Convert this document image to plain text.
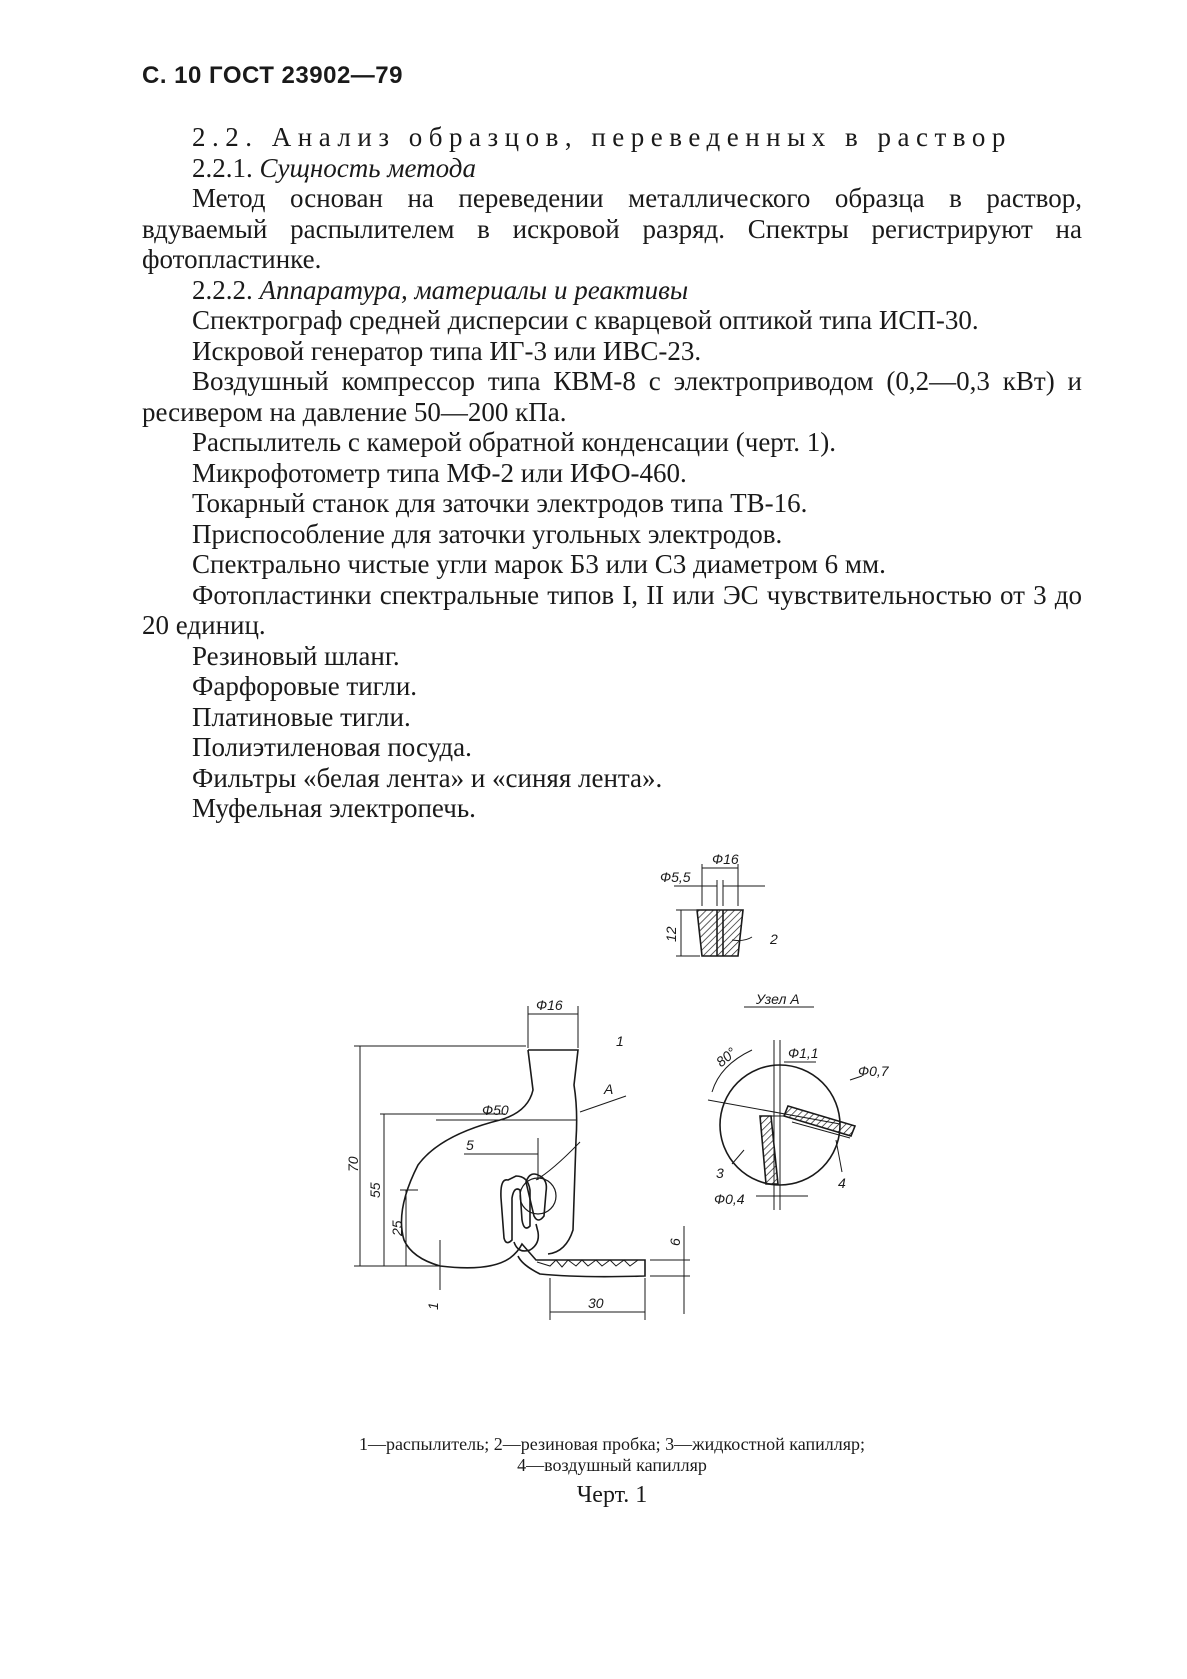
С. 10 ГОСТ 23902—79

2.2. Анализ образцов, переведенных в раствор

2.2.1. Сущность метода

Метод основан на переведении металлического образца в раствор, вдуваемый распылителем в искровой разряд. Спектры регистрируют на фотопластинке.

2.2.2. Аппаратура, материалы и реактивы

Спектрограф средней дисперсии с кварцевой оптикой типа ИСП-30.

Искровой генератор типа ИГ-3 или ИВС-23.

Воздушный компрессор типа КВМ-8 с электроприводом (0,2—0,3 кВт) и ресивером на давление 50—200 кПа.

Распылитель с камерой обратной конденсации (черт. 1).

Микрофотометр типа МФ-2 или ИФО-460.

Токарный станок для заточки электродов типа ТВ-16.

Приспособление для заточки угольных электродов.

Спектрально чистые угли марок Б3 или С3 диаметром 6 мм.

Фотопластинки спектральные типов I, II или ЭС чувствительностью от 3 до 20 единиц.

Резиновый шланг.

Фарфоровые тигли.

Платиновые тигли.

Полиэтиленовая посуда.

Фильтры «белая лента» и «синяя лента».

Муфельная электропечь.

Ф16
Ф5,5
12	2
Узел А
Ф16
1
Ф50
70
55
25
5
А
6
1	30
80°	Ф1,1
Ф0,7
3
4
Ф0,4
1—распылитель; 2—резиновая пробка; 3—жидкостной капилляр;
4—воздушный капилляр
Черт. 1
